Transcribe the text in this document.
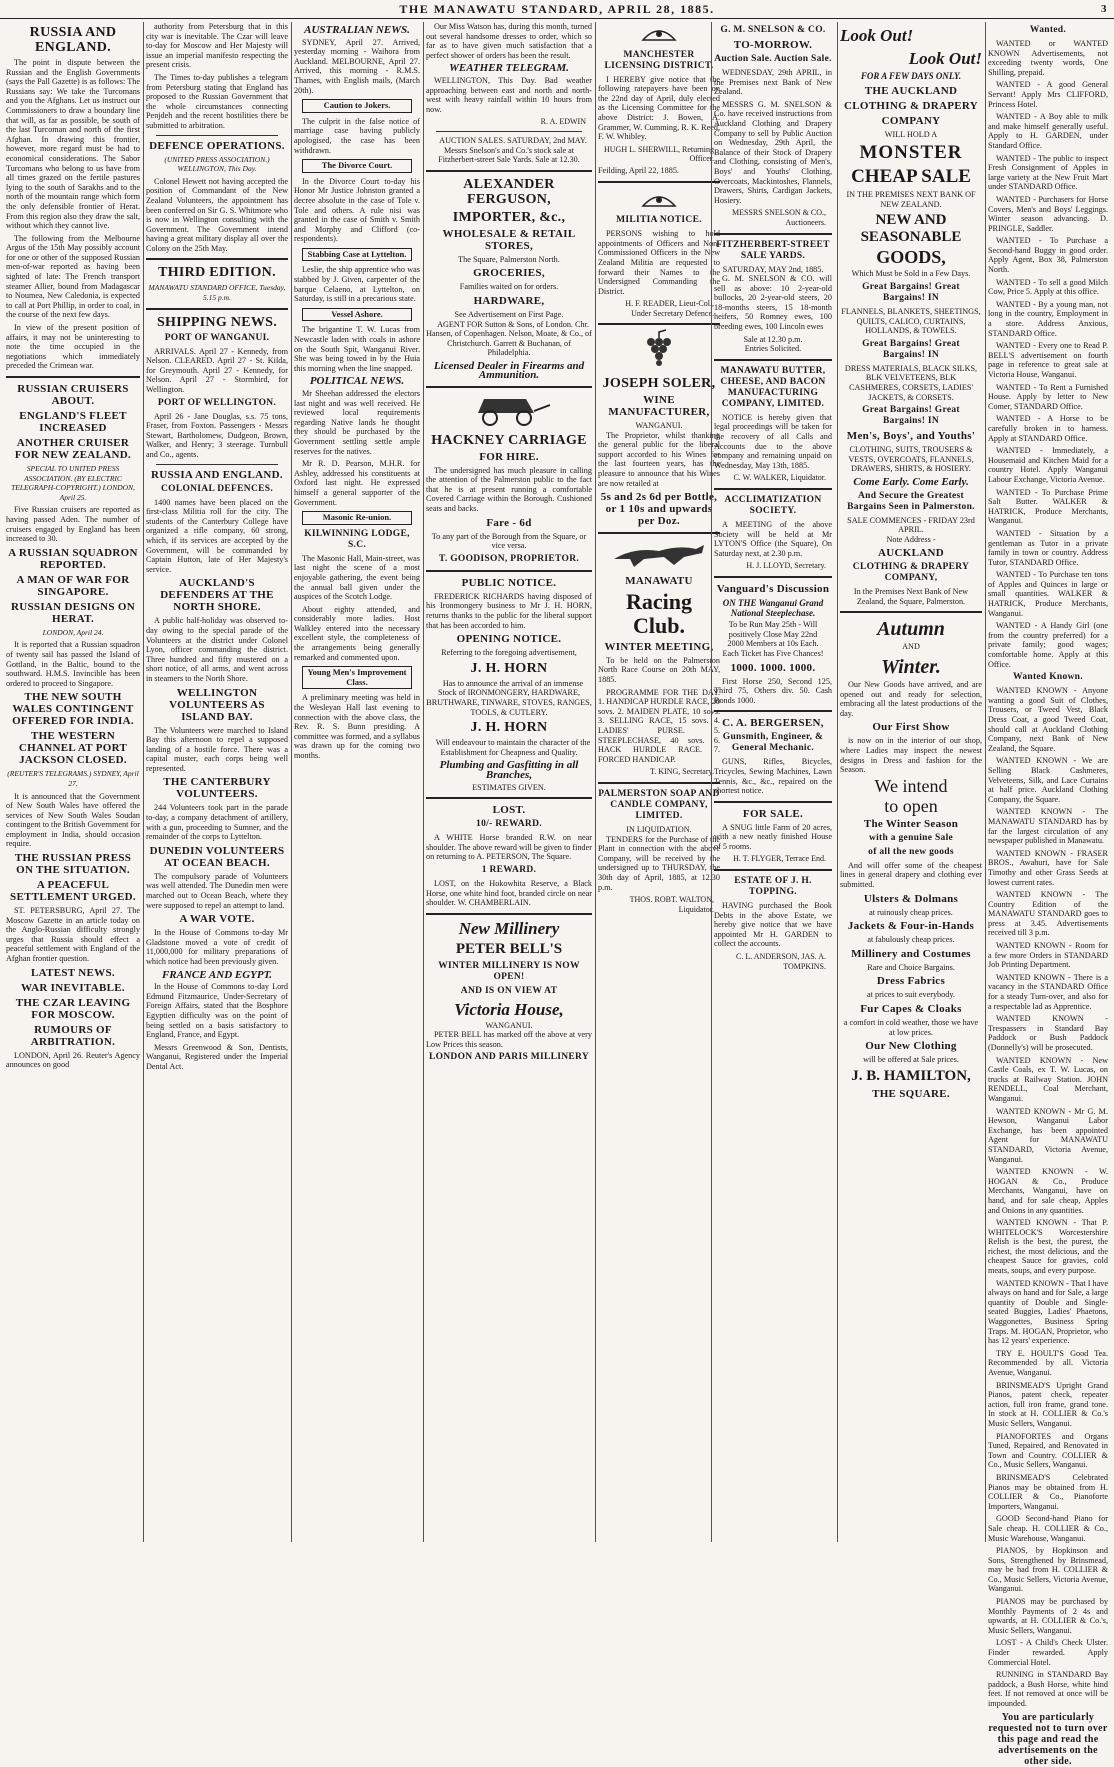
THE MANAWATU STANDARD, APRIL 28, 1885.	3
RUSSIA AND ENGLAND.

The point in dispute between the Russian and the English Governments (says the Pall Gazette) is as follows: The Russians say: We take the Turcomans and you the Afghans. Let us instruct our Commissioners to draw a boundary line that will, as far as possible, be south of the last Turcoman and north of the first Afghan. In drawing this frontier, however, more regard must be had to economical considerations. The Sabor Turcomans who belong to us have from all times grazed on the fertile pastures lying to the south of Sarakhs and to the north of the mountain range which form the only defensible frontier of Herat. From this region also they draw the salt, without which they cannot live.

The following from the Melbourne Argus of the 15th May possibly account for one or other of the supposed Russian men-of-war reported as having been sighted of late: The French transport steamer Allier, bound from Madagascar to Noumea, New Caledonia, is expected to call at Port Phillip, in order to coal, in the course of the next few days.

In view of the present position of affairs, it may not be uninteresting to note the time occupied in the negotiations which immediately preceded the Crimean war.

RUSSIAN CRUISERS ABOUT.
ENGLAND'S FLEET INCREASED
ANOTHER CRUISER FOR NEW ZEALAND.
SPECIAL TO UNITED PRESS ASSOCIATION. (BY ELECTRIC TELEGRAPH-COPYRIGHT.) LONDON, April 25.

Five Russian cruisers are reported as having passed Aden. The number of cruisers engaged by England has been increased to 30.

A RUSSIAN SQUADRON REPORTED.
A MAN OF WAR FOR SINGAPORE.
RUSSIAN DESIGNS ON HERAT.
LONDON, April 24.

It is reported that a Russian squadron of twenty sail has passed the Island of Gottland, in the Baltic, bound to the southward. H.M.S. Invincible has been ordered to proceed to Singapore.

THE NEW SOUTH WALES CONTINGENT OFFERED FOR INDIA.
THE WESTERN CHANNEL AT PORT JACKSON CLOSED.
(REUTER'S TELEGRAMS.) SYDNEY, April 27.

It is announced that the Government of New South Wales have offered the services of New South Wales Soudan contingent to the British Government for employment in India, should occasion require.

THE RUSSIAN PRESS ON THE SITUATION.
A PEACEFUL SETTLEMENT URGED.

ST. PETERSBURG, April 27. The Moscow Gazette in an article today on the Anglo-Russian difficulty strongly urges that Russia should effect a peaceful settlement with England of the Afghan frontier question.

LATEST NEWS.
WAR INEVITABLE.
THE CZAR LEAVING FOR MOSCOW.
RUMOURS OF ARBITRATION.

LONDON, April 26. Reuter's Agency announces on good

authority from Petersburg that in this city war is inevitable. The Czar will leave to-day for Moscow and Her Majesty will issue an imperial manifesto respecting the present crisis.

The Times to-day publishes a telegram from Petersburg stating that England has proposed to the Russian Government that the whole circumstances connecting Penjdeh and the recent hostilities there be submitted to arbitration.

DEFENCE OPERATIONS.
(UNITED PRESS ASSOCIATION.) WELLINGTON, This Day.

Colonel Hewett not having accepted the position of Commandant of the New Zealand Volunteers, the appointment has been conferred on Sir G. S. Whitmore who is now in Wellington consulting with the Government. The Government intend having a great military display all over the Colony on the 25th May.

THIRD EDITION.
MANAWATU STANDARD OFFICE, Tuesday, 5.15 p.m.
SHIPPING NEWS.
PORT OF WANGANUI.

ARRIVALS. April 27 - Kennedy, from Nelson. CLEARED. April 27 - St. Kilda, for Greymouth. April 27 - Kennedy, for Nelson. April 27 - Stormbird, for Wellington.

PORT OF WELLINGTON.

April 26 - Jane Douglas, s.s. 75 tons, Fraser, from Foxton. Passengers - Messrs Stewart, Bartholomew, Dudgeon, Brown, Walker, and Henry; 3 steerage. Turnbull and Co., agents.

RUSSIA AND ENGLAND.
COLONIAL DEFENCES.

1400 names have been placed on the first-class Militia roll for the city. The students of the Canterbury College have organized a rifle company, 60 strong, which, if its services are accepted by the Government, will be commanded by Captain Hutton, late of Her Majesty's service.

AUCKLAND'S DEFENDERS AT THE NORTH SHORE.

A public half-holiday was observed to-day owing to the special parade of the Volunteers at the district under Colonel Lyon, officer commanding the district. Three hundred and fifty mustered on a short notice, of all arms, and went across in steamers to the North Shore.

WELLINGTON VOLUNTEERS AS ISLAND BAY.

The Volunteers were marched to Island Bay this afternoon to repel a supposed landing of a hostile force. There was a capital muster, each corps being well represented.

THE CANTERBURY VOLUNTEERS.

244 Volunteers took part in the parade to-day, a company detachment of artillery, with a gun, proceeding to Sumner, and the remainder of the corps to Lyttelton.

DUNEDIN VOLUNTEERS AT OCEAN BEACH.

The compulsory parade of Volunteers was well attended. The Dunedin men were marched out to Ocean Beach, where they were supposed to repel an attempt to land.

A WAR VOTE.

In the House of Commons to-day Mr Gladstone moved a vote of credit of 11,000,000 for military preparations of which notice had been previously given.

FRANCE AND EGYPT.

In the House of Commons to-day Lord Edmund Fitzmaurice, Under-Secretary of Foreign Affairs, stated that the Bosphore Egyptien difficulty was on the point of being settled on a basis satisfactory to England, France, and Egypt.

Messrs Greenwood & Son, Dentists, Wanganui, Registered under the Imperial Dental Act.

AUSTRALIAN NEWS.

SYDNEY, April 27. Arrived, yesterday morning - Waihora from Auckland. MELBOURNE, April 27. Arrived, this morning - R.M.S. Thames, with English mails, (March 20th).

Caution to Jokers.

The culprit in the false notice of marriage case having publicly apologised, the case has been withdrawn.

The Divorce Court.

In the Divorce Court to-day his Honor Mr Justice Johnston granted a decree absolute in the case of Tole v. Tole and others. A rule nisi was granted in the case of Smith v. Smith and Morphy and Clifford (co-respondents).

Stabbing Case at Lyttelton.

Leslie, the ship apprentice who was stabbed by J. Given, carpenter of the barque Celaeno, at Lyttelton, on Saturday, is still in a precarious state.

Vessel Ashore.

The brigantine T. W. Lucas from Newcastle laden with coals in ashore on the South Spit, Wanganui River. She was being towed in by the Huia this morning when the line snapped.

POLITICAL NEWS.

Mr Sheehan addressed the electors last night and was well received. He reviewed local requirements regarding Native lands he thought they should be purchased by the Government settling settle ample reserves for the natives.

Mr R. D. Pearson, M.H.R. for Ashley, addressed his constituents at Oxford last night. He expressed himself a general supporter of the Government.

Masonic Re-union.
KILWINNING LODGE, S.C.

The Masonic Hall, Main-street, was last night the scene of a most enjoyable gathering, the event being the annual ball given under the auspices of the Scotch Lodge.

About eighty attended, and considerably more ladies. Host Walkley entered into the necessary excellent style, the completeness of the arrangements being generally remarked and commented upon.

Young Men's Improvement Class.

A preliminary meeting was held in the Wesleyan Hall last evening to connection with the above class, the Rev. R. S. Bunn presiding. A committee was formed, and a syllabus was drawn up for the coming two months.

Our Miss Watson has, during this month, turned out several handsome dresses to order, which so far as to have given much satisfaction that a perfect shower of orders has been the result.

WEATHER TELEGRAM.

WELLINGTON, This Day. Bad weather approaching between east and north and north-west with heavy rainfall within 10 hours from now.

R. A. EDWIN

AUCTION SALES. SATURDAY, 2nd MAY. Messrs Snelson's and Co.'s stock sale at Fitzherbert-street Sale Yards. Sale at 12.30.

ALEXANDER FERGUSON,
IMPORTER, &c.,
WHOLESALE & RETAIL STORES,
The Square, Palmerston North.
GROCERIES,
Families waited on for orders.
HARDWARE,
See Advertisement on First Page.

AGENT FOR Sutton & Sons, of London. Chr. Hansen, of Copenhagen. Nelson, Moate, & Co., of Christchurch. Garrett & Buchanan, of Philadelphia.

Licensed Dealer in Firearms and Ammunition.
HACKNEY CARRIAGE
FOR HIRE.

The undersigned has much pleasure in calling the attention of the Palmerston public to the fact that he is at present running a comfortable Covered Carriage within the Borough. Cushioned seats and backs.

Fare - 6d
To any part of the Borough from the Square, or vice versa.
T. GOODISON, PROPRIETOR.
PUBLIC NOTICE.

FREDERICK RICHARDS having disposed of his Ironmongery business to Mr J. H. HORN, returns thanks to the public for the liberal support that has been accorded to him.

OPENING NOTICE.
Referring to the foregoing advertisement,
J. H. HORN

Has to announce the arrival of an immense Stock of IRONMONGERY, HARDWARE, BRUTHWARE, TINWARE, STOVES, RANGES, TOOLS, & CUTLERY.

J. H. HORN

Will endeavour to maintain the character of the Establishment for Cheapness and Quality.

Plumbing and Gasfitting in all Branches,
ESTIMATES GIVEN.
LOST.
10/- REWARD.

A WHITE Horse branded R.W. on near shoulder. The above reward will be given to finder on returning to A. PETERSON, The Square.

1 REWARD.

LOST, on the Hokowhita Reserve, a Black Horse, one white hind foot, branded circle on near shoulder. W. CHAMBERLAIN.

New Millinery
PETER BELL'S
WINTER MILLINERY IS NOW OPEN!
AND IS ON VIEW AT
Victoria House,
WANGANUI.

PETER BELL has marked off the above at very Low Prices this season.

LONDON AND PARIS MILLINERY
MANCHESTER LICENSING DISTRICT.

I HEREBY give notice that the following ratepayers have been on the 22nd day of April, duly elected as the Licensing Committee for the above District: J. Bowen, A. Grammer, W. Cumming, R. K. Reed, F. W. Whibley.

HUGH L. SHERWILL, Returning Officer.
Feilding, April 22, 1885.
MILITIA NOTICE.

PERSONS wishing to hold appointments of Officers and Non-Commissioned Officers in the New Zealand Militia are requested to forward their Names to the Undersigned Commanding the District.

H. F. READER, Lieut-Col., Under Secretary Defence.
JOSEPH SOLER,
WINE MANUFACTURER,
WANGANUI.

The Proprietor, whilst thanking the general public for the liberal support accorded to his Wines for the last fourteen years, has the pleasure to announce that his Wines are now retailed at

5s and 2s 6d per Bottle, or 1 10s and upwards per Doz.
MANAWATU
Racing Club.
WINTER MEETING,

To be held on the Palmerston North Race Course on 20th MAY, 1885.

PROGRAMME FOR THE DAY. 1. HANDICAP HURDLE RACE, 20 sovs. 2. MAIDEN PLATE, 10 sovs. 3. SELLING RACE, 15 sovs. 4. LADIES' PURSE. 5. STEEPLECHASE, 40 sovs. 6. HACK HURDLE RACE. 7. FORCED HANDICAP.

T. KING, Secretary.
PALMERSTON SOAP AND CANDLE COMPANY, LIMITED.
IN LIQUIDATION.

TENDERS for the Purchase of the Plant in connection with the above Company, will be received by the undersigned up to THURSDAY, the 30th day of April, 1885, at 12.30 p.m.

THOS. ROBT. WALTON, Liquidator.
Look Out!
Look Out!
FOR A FEW DAYS ONLY.
THE AUCKLAND
CLOTHING & DRAPERY
COMPANY
WILL HOLD A
MONSTER
CHEAP SALE
IN THE PREMISES NEXT BANK OF NEW ZEALAND.
NEW AND SEASONABLE
GOODS,
Which Must be Sold in a Few Days.
Great Bargains! Great Bargains! IN
FLANNELS, BLANKETS, SHEETINGS, QUILTS, CALICO, CURTAINS, HOLLANDS, & TOWELS.
Great Bargains! Great Bargains! IN
DRESS MATERIALS, BLACK SILKS, BLK VELVETEENS, BLK CASHMERES, CORSETS, LADIES' JACKETS, & CORSETS.
Great Bargains! Great Bargains! IN
Men's, Boys', and Youths'
CLOTHING, SUITS, TROUSERS & VESTS, OVERCOATS, FLANNELS, DRAWERS, SHIRTS, & HOSIERY.
Come Early. Come Early.
And Secure the Greatest Bargains Seen in Palmerston.
SALE COMMENCES - FRIDAY 23rd APRIL.
Note Address -
AUCKLAND
CLOTHING & DRAPERY COMPANY,
In the Premises Next Bank of New Zealand, the Square, Palmerston.
Autumn
AND
Winter.

Our New Goods have arrived, and are opened out and ready for selection, embracing all the latest productions of the day.

Our First Show

is now on in the interior of our shop, where Ladies may inspect the newest designs in Dress and fashion for the Season.

We intend
to open
The Winter Season
with a genuine Sale
of all the new goods

And will offer some of the cheapest lines in general drapery and clothing ever submitted.

Ulsters & Dolmans
at ruinously cheap prices.
Jackets & Four-in-Hands
at fabulously cheap prices.
Millinery and Costumes
Rare and Choice Bargains.
Dress Fabrics
at prices to suit everybody.
Fur Capes & Cloaks
a comfort in cold weather, those we have at low prices.
Our New Clothing
will be offered at Sale prices.
J. B. HAMILTON,
THE SQUARE.
Wanted.

WANTED or WANTED KNOWN Advertisements, not exceeding twenty words, One Shilling, prepaid.

WANTED - A good General Servant! Apply Mrs CLIFFORD, Princess Hotel.

WANTED - A Boy able to milk and make himself generally useful. Apply to H. GARDEN, under Standard Office.

WANTED - The public to inspect Fresh Consignment of Apples in large variety at the New Fruit Mart under STANDARD Office.

WANTED - Purchasers for Horse Covers, Men's and Boys' Leggings. Winter season advancing. D. PRINGLE, Saddler.

WANTED - To Purchase a Second-hand Buggy in good order. Apply Agent, Box 38, Palmerston North.

WANTED - To sell a good Milch Cow, Price 5. Apply at this office.

WANTED - By a young man, not long in the country, Employment in a store. Address Anxious, STANDARD Office.

WANTED - Every one to Read P. BELL'S advertisement on fourth page in reference to great sale at Victoria House, Wanganui.

WANTED - To Rent a Furnished House. Apply by letter to New Comer, STANDARD Office.

WANTED - A Horse to be carefully broken in to harness. Apply at STANDARD Office.

WANTED - Immediately, a Housemaid and Kitchen Maid for a country Hotel. Apply Wanganui Labour Exchange, Victoria Avenue.

WANTED - To Purchase Prime Salt Butter. WALKER & HATRICK, Produce Merchants, Wanganui.

WANTED - Situation by a gentleman as Tutor in a private family in town or country. Address Tutor, STANDARD Office.

WANTED - To Purchase ten tons of Apples and Quinces in large or small quantities. WALKER & HATRICK, Produce Merchants, Wanganui.

WANTED - A Handy Girl (one from the country preferred) for a private family; good wages; comfortable home. Apply at this Office.

Wanted Known.

WANTED KNOWN - Anyone wanting a good Suit of Clothes, Trousers, or Tweed Vest, Black Dress Coat, a good Tweed Coat, should call at Auckland Clothing Company, next Bank of New Zealand, the Square.

WANTED KNOWN - We are Selling Black Cashmeres, Velveteens, Silk, and Lace Curtains at half price. Auckland Clothing Company, the Square.

WANTED KNOWN - The MANAWATU STANDARD has by far the largest circulation of any newspaper published in Manawatu.

WANTED KNOWN - FRASER BROS., Awahuri, have for Sale Timothy and other Grass Seeds at lowest current rates.

WANTED KNOWN - The Country Edition of the MANAWATU STANDARD goes to press at 3.45. Advertisements received till 3 p.m.

WANTED KNOWN - Room for a few more Orders in STANDARD Job Printing Department.

WANTED KNOWN - There is a vacancy in the STANDARD Office for a steady Turn-over, and also for a respectable lad as Apprentice.

WANTED KNOWN - Trespassers in Standard Bay Paddock or Bush Paddock (Donnelly's) will be prosecuted.

WANTED KNOWN - New Castle Coals, ex T. W. Lucas, on trucks at Railway Station. JOHN RENDELL, Coal Merchant, Wanganui.

WANTED KNOWN - Mr G. M. Hewson, Wanganui Labor Exchange, has been appointed Agent for MANAWATU STANDARD, Victoria Avenue, Wanganui.

WANTED KNOWN - W. HOGAN & Co., Produce Merchants, Wanganui, have on hand, and for sale cheap, Apples and Onions in any quantities.

WANTED KNOWN - That P. WHITELOCK'S Worcestershire Relish is the best, the purest, the richest, the most delicious, and the cheapest Sauce for gravies, cold meats, soups, and every purpose.

WANTED KNOWN - That I have always on hand and for Sale, a large quantity of Double and Single-seated Buggies, Ladies' Phaetons, Waggonettes, Business Spring Traps. M. HOGAN, Proprietor, who has 12 years' experience.

TRY E. HOULT'S Good Tea. Recommended by all. Victoria Avenue, Wanganui.

BRINSMEAD'S Upright Grand Pianos, patent check, repeater action, full iron frame, grand tone. In stock at H. COLLIER & Co.'s Music Sellers, Wanganui.

PIANOFORTES and Organs Tuned, Repaired, and Renovated in Town and Country. COLLIER & Co., Music Sellers, Wanganui.

BRINSMEAD'S Celebrated Pianos may be obtained from H. COLLIER & Co., Pianoforte Importers, Wanganui.

GOOD Second-hand Piano for Sale cheap. H. COLLIER & Co., Music Warehouse, Wanganui.

PIANOS, by Hopkinson and Sons, Strengthened by Brinsmead, may be had from H. COLLIER & Co., Music Sellers, Victoria Avenue, Wanganui.

PIANOS may be purchased by Monthly Payments of 2 4s and upwards, at H. COLLIER & Co.'s, Music Sellers, Wanganui.

LOST - A Child's Check Ulster. Finder rewarded. Apply Commercial Hotel.

RUNNING in STANDARD Bay paddock, a Bush Horse, white hind feet. If not removed at once will be impounded.

You are particularly requested not to turn over this page and read the advertisements on the other side.
G. M. SNELSON & CO.
TO-MORROW.
Auction Sale. Auction Sale.

WEDNESDAY, 29th APRIL, in the Premises next Bank of New Zealand.

MESSRS G. M. SNELSON & Co. have received instructions from Auckland Clothing and Drapery Company to sell by Public Auction on Wednesday, 29th April, the Balance of their Stock of Drapery and Clothing, consisting of Men's, Boys' and Youths' Clothing, Overcoats, Mackintoshes, Flannels, Drawers, Shirts, Cardigan Jackets, Hosiery.

MESSRS SNELSON & CO., Auctioneers.
FITZHERBERT-STREET SALE YARDS.
SATURDAY, MAY 2nd, 1885.

G. M. SNELSON & CO. will sell as above: 10 2-year-old bullocks, 20 2-year-old steers, 20 18-months steers, 15 18-month heifers, 50 Romney ewes, 100 breeding ewes, 100 Lincoln ewes

Sale at 12.30 p.m.
Entries Solicited.
MANAWATU BUTTER, CHEESE, AND BACON MANUFACTURING COMPANY, LIMITED.

NOTICE is hereby given that legal proceedings will be taken for the recovery of all Calls and Accounts due to the above company and remaining unpaid on Wednesday, May 13th, 1885.

C. W. WALKER, Liquidator.
ACCLIMATIZATION SOCIETY.

A MEETING of the above Society will be held at Mr LYTON'S Office (the Square), On Saturday next, at 2.30 p.m.

H. J. LLOYD, Secretary.
Vanguard's Discussion
ON THE Wanganui Grand National Steeplechase.
To be Run May 25th - Will positively Close May 22nd
2000 Members at 10s Each.
Each Ticket has Five Chances!
1000. 1000. 1000.

First Horse 250, Second 125, Third 75, Others div. 50. Cash Bonds 1000.

C. A. BERGERSEN,
Gunsmith, Engineer, & General Mechanic.

GUNS, Rifles, Bicycles, Tricycles, Sewing Machines, Lawn Tennis, &c., &c., repaired on the shortest notice.

FOR SALE.

A SNUG little Farm of 20 acres, with a new neatly finished House of 5 rooms.

H. T. FLYGER, Terrace End.
ESTATE OF J. H. TOPPING.

HAVING purchased the Book Debts in the above Estate, we hereby give notice that we have appointed Mr H. GARDEN to collect the accounts.

C. L. ANDERSON, JAS. A. TOMPKINS.
